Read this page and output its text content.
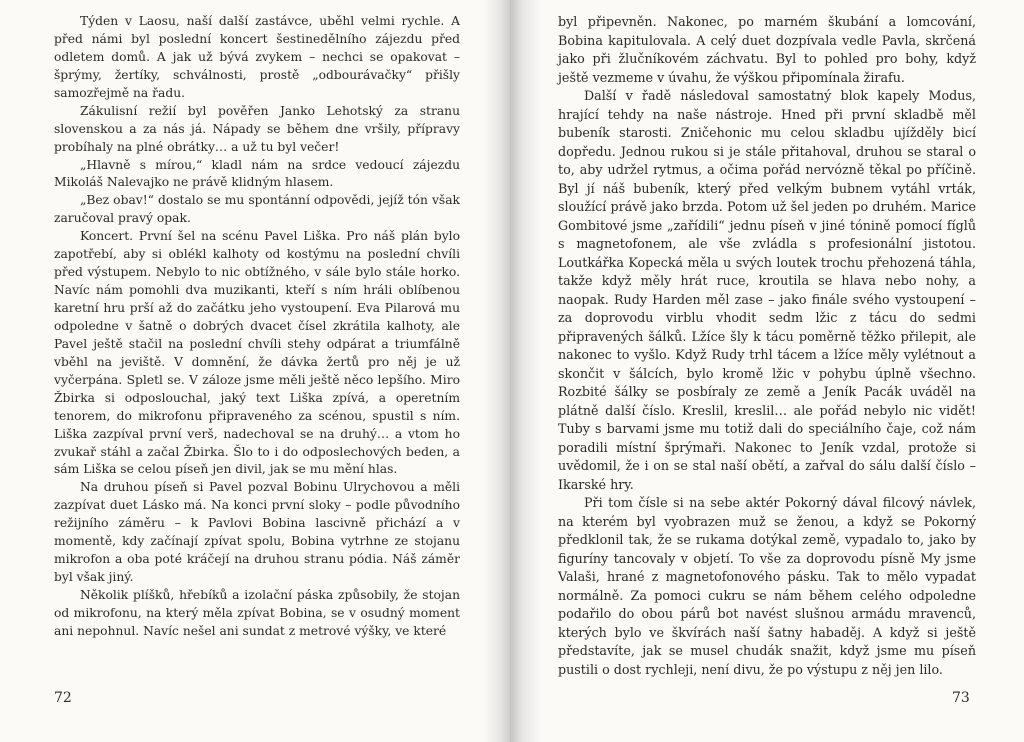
Týden v Laosu, naší další zastávce, uběhl velmi rychle. A před námi byl poslední koncert šestinedělního zájezdu před odletem domů. A jak už bývá zvykem – nechci se opakovat – šprýmy, žertíky, schválnosti, prostě „odbourávačky“ přišly samozřejmě na řadu.

Zákulisní režií byl pověřen Janko Lehotský za stranu slovenskou a za nás já. Nápady se během dne vršily, přípravy probíhaly na plné obrátky… a už tu byl večer!

„Hlavně s mírou,“ kladl nám na srdce vedoucí zájezdu Mikoláš Nalevajko ne právě klidným hlasem.

„Bez obav!“ dostalo se mu spontánní odpovědi, jejíž tón však zaručoval pravý opak.

Koncert. První šel na scénu Pavel Liška. Pro náš plán bylo zapotřebí, aby si oblékl kalhoty od kostýmu na poslední chvíli před výstupem. Nebylo to nic obtížného, v sále bylo stále horko. Navíc nám pomohli dva muzikanti, kteří s ním hráli oblíbenou karetní hru prší až do začátku jeho vystoupení. Eva Pilarová mu odpoledne v šatně o dobrých dvacet čísel zkrátila kalhoty, ale Pavel ještě stačil na poslední chvíli stehy odpárat a triumfálně vběhl na jeviště. V domnění, že dávka žertů pro něj je už vyčerpána. Spletl se. V záloze jsme měli ještě něco lepšího. Miro Žbirka si odposlouchal, jaký text Liška zpívá, a operetním tenorem, do mikrofonu připraveného za scénou, spustil s ním. Liška zazpíval první verš, nadechoval se na druhý… a vtom ho zvukař stáhl a začal Žbirka. Šlo to i do odposlechových beden, a sám Liška se celou píseň jen divil, jak se mu mění hlas.

Na druhou píseň si Pavel pozval Bobinu Ulrychovou a měli zazpívat duet Lásko má. Na konci první sloky – podle původního režijního záměru – k Pavlovi Bobina lascivně přichází a v momentě, kdy začínají zpívat spolu, Bobina vytrhne ze stojanu mikrofon a oba poté kráčejí na druhou stranu pódia. Náš záměr byl však jiný.

Několik plíšků, hřebíků a izolační páska způsobily, že stojan od mikrofonu, na který měla zpívat Bobina, se v osudný moment ani nepohnul. Navíc nešel ani sundat z metrové výšky, ve které

72

byl připevněn. Nakonec, po marném škubání a lomcování, Bobina kapitulovala. A celý duet dozpívala vedle Pavla, skrčená jako při žlučníkovém záchvatu. Byl to pohled pro bohy, když ještě vezmeme v úvahu, že výškou připomínala žirafu.

Další v řadě následoval samostatný blok kapely Modus, hrající tehdy na naše nástroje. Hned při první skladbě měl bubeník starosti. Zničehonic mu celou skladbu ujížděly bicí dopředu. Jednou rukou si je stále přitahoval, druhou se staral o to, aby udržel rytmus, a očima pořád nervózně těkal po příčině. Byl jí náš bubeník, který před velkým bubnem vytáhl vrták, sloužící právě jako brzda. Potom už šel jeden po druhém. Marice Gombitové jsme „zařídili“ jednu píseň v jiné tónině pomocí fíglů s magnetofonem, ale vše zvládla s profesionální jistotou. Loutkářka Kopecká měla u svých loutek trochu přehozená táhla, takže když měly hrát ruce, kroutila se hlava nebo nohy, a naopak. Rudy Harden měl zase – jako finále svého vystoupení – za doprovodu virblu vhodit sedm lžic z tácu do sedmi připravených šálků. Lžíce šly k tácu poměrně těžko přilepit, ale nakonec to vyšlo. Když Rudy trhl tácem a lžíce měly vylétnout a skončit v šálcích, bylo kromě lžic v pohybu úplně všechno. Rozbité šálky se posbíraly ze země a Jeník Pacák uváděl na plátně další číslo. Kreslil, kreslil… ale pořád nebylo nic vidět! Tuby s barvami jsme mu totiž dali do speciálního čaje, což nám poradili místní šprýmaři. Nakonec to Jeník vzdal, protože si uvědomil, že i on se stal naší obětí, a zařval do sálu další číslo – Ikarské hry.

Při tom čísle si na sebe aktér Pokorný dával filcový návlek, na kterém byl vyobrazen muž se ženou, a když se Pokorný předklonil tak, že se rukama dotýkal země, vypadalo to, jako by figuríny tancovaly v objetí. To vše za doprovodu písně My jsme Valaši, hrané z magnetofonového pásku. Tak to mělo vypadat normálně. Za pomoci cukru se nám během celého odpoledne podařilo do obou párů bot navést slušnou armádu mravenců, kterých bylo ve škvírách naší šatny habaděj. A když si ještě představíte, jak se musel chudák snažit, když jsme mu píseň pustili o dost rychleji, není divu, že po výstupu z něj jen lilo.

73
